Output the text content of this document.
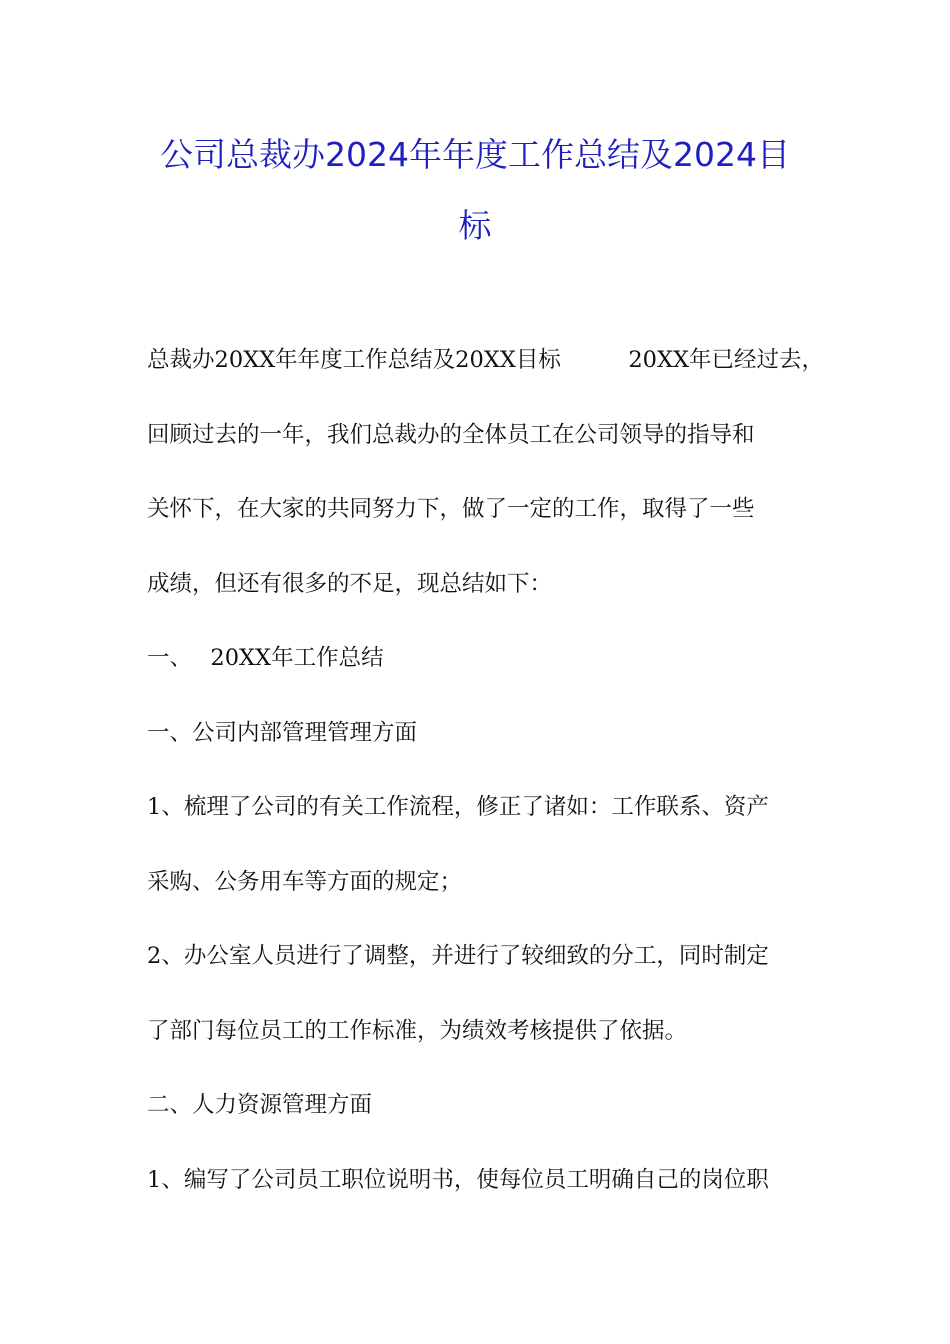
公司总裁办2024年年度工作总结及2024目
标

总裁办20XX年年度工作总结及20XX目标　　　20XX年已经过去，

回顾过去的一年，我们总裁办的全体员工在公司领导的指导和

关怀下，在大家的共同努力下，做了一定的工作，取得了一些

成绩，但还有很多的不足，现总结如下：

一、　 20XX年工作总结

一、公司内部管理管理方面

1、梳理了公司的有关工作流程，修正了诸如：工作联系、资产

采购、公务用车等方面的规定；

2、办公室人员进行了调整，并进行了较细致的分工，同时制定

了部门每位员工的工作标准，为绩效考核提供了依据。

二、人力资源管理方面

1、编写了公司员工职位说明书，使每位员工明确自己的岗位职
